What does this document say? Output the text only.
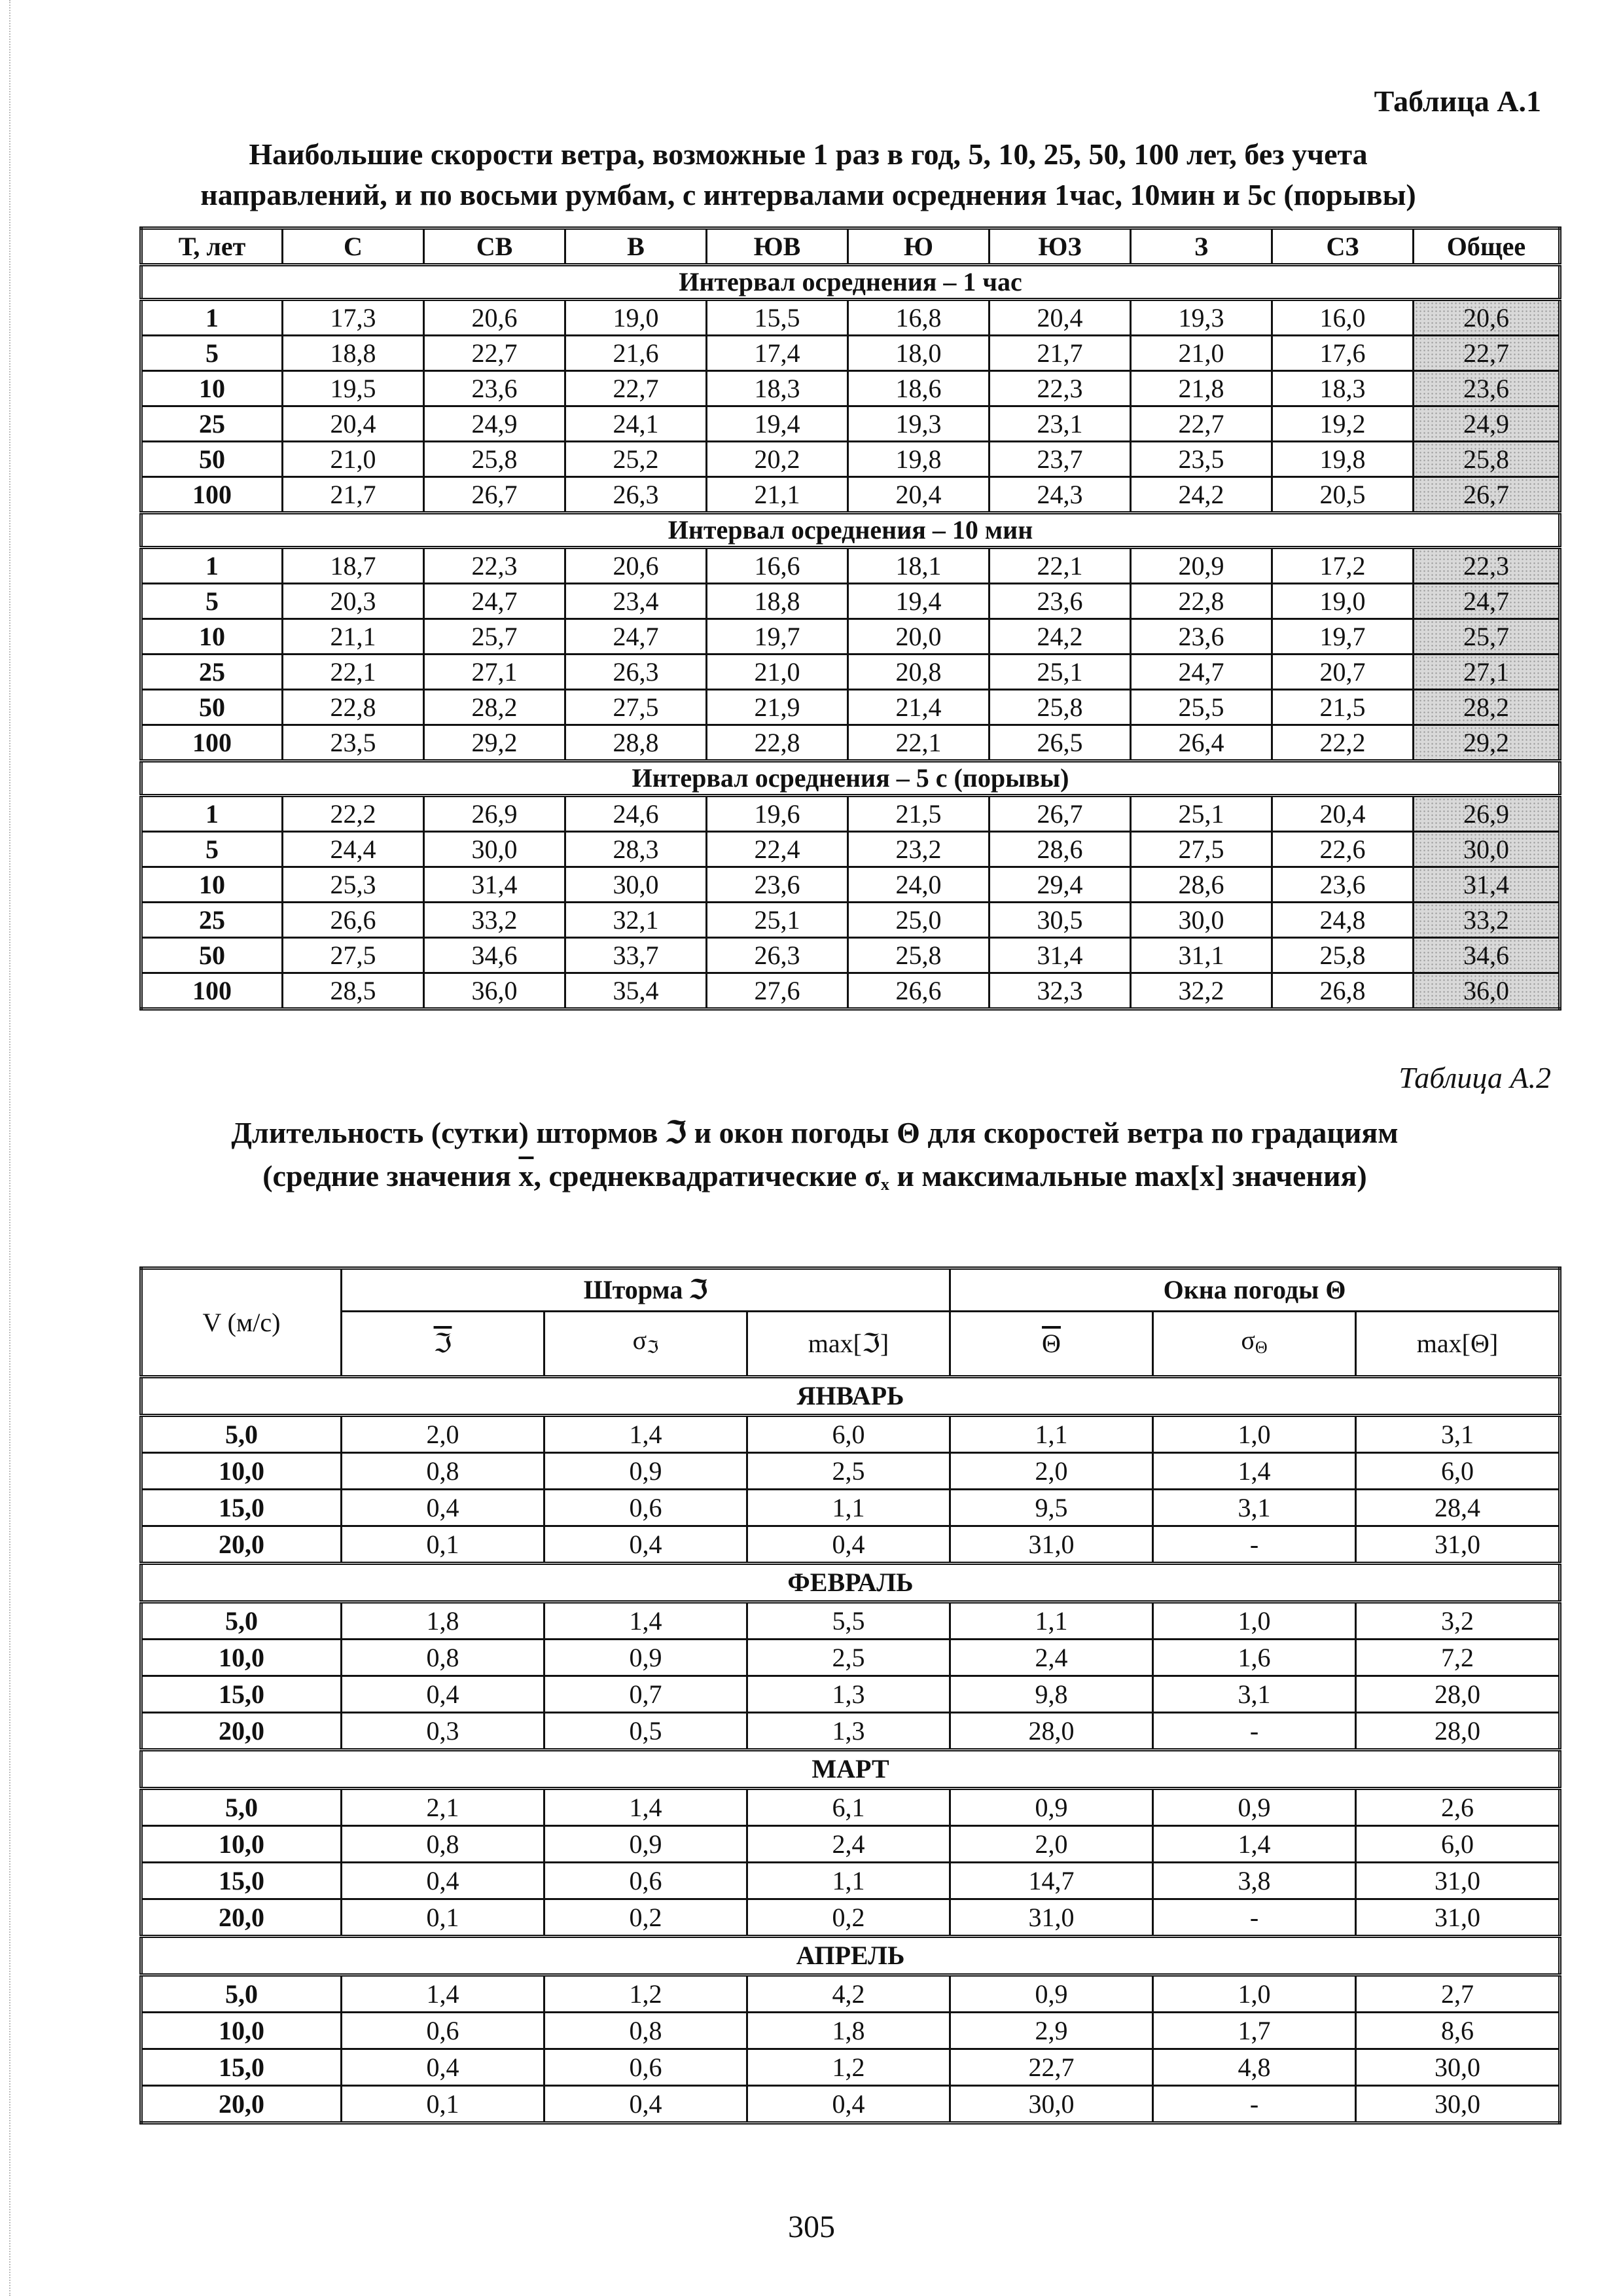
Таблица А.1
Наибольшие скорости ветра, возможные 1 раз в год, 5, 10, 25, 50, 100 лет, без учета
направлений, и по восьми румбам, с интервалами осреднения 1час, 10мин и 5с (порывы)
Т, лет	С	СВ	В	ЮВ	Ю	ЮЗ	З	СЗ	Общее
Интервал осреднения – 1 час									
1	17,3	20,6	19,0	15,5	16,8	20,4	19,3	16,0	20,6
5	18,8	22,7	21,6	17,4	18,0	21,7	21,0	17,6	22,7
10	19,5	23,6	22,7	18,3	18,6	22,3	21,8	18,3	23,6
25	20,4	24,9	24,1	19,4	19,3	23,1	22,7	19,2	24,9
50	21,0	25,8	25,2	20,2	19,8	23,7	23,5	19,8	25,8
100	21,7	26,7	26,3	21,1	20,4	24,3	24,2	20,5	26,7
Интервал осреднения – 10 мин									
1	18,7	22,3	20,6	16,6	18,1	22,1	20,9	17,2	22,3
5	20,3	24,7	23,4	18,8	19,4	23,6	22,8	19,0	24,7
10	21,1	25,7	24,7	19,7	20,0	24,2	23,6	19,7	25,7
25	22,1	27,1	26,3	21,0	20,8	25,1	24,7	20,7	27,1
50	22,8	28,2	27,5	21,9	21,4	25,8	25,5	21,5	28,2
100	23,5	29,2	28,8	22,8	22,1	26,5	26,4	22,2	29,2
Интервал осреднения – 5 с (порывы)									
1	22,2	26,9	24,6	19,6	21,5	26,7	25,1	20,4	26,9
5	24,4	30,0	28,3	22,4	23,2	28,6	27,5	22,6	30,0
10	25,3	31,4	30,0	23,6	24,0	29,4	28,6	23,6	31,4
25	26,6	33,2	32,1	25,1	25,0	30,5	30,0	24,8	33,2
50	27,5	34,6	33,7	26,3	25,8	31,4	31,1	25,8	34,6
100	28,5	36,0	35,4	27,6	26,6	32,3	32,2	26,8	36,0
Таблица А.2
Длительность (сутки) штормов ℑ и окон погоды Θ для скоростей ветра по градациям
(средние значения $\overline{x}$, среднеквадратические σx и максимальные max[x] значения)
V (м/с)	Шторма ℑ			Окна погоды Θ		
	ℑ	σℑ	max[ℑ]	$\overline{\Theta}$	σΘ	max[Θ]
ЯНВАРЬ						
5,0	2,0	1,4	6,0	1,1	1,0	3,1
10,0	0,8	0,9	2,5	2,0	1,4	6,0
15,0	0,4	0,6	1,1	9,5	3,1	28,4
20,0	0,1	0,4	0,4	31,0	-	31,0
ФЕВРАЛЬ						
5,0	1,8	1,4	5,5	1,1	1,0	3,2
10,0	0,8	0,9	2,5	2,4	1,6	7,2
15,0	0,4	0,7	1,3	9,8	3,1	28,0
20,0	0,3	0,5	1,3	28,0	-	28,0
МАРТ						
5,0	2,1	1,4	6,1	0,9	0,9	2,6
10,0	0,8	0,9	2,4	2,0	1,4	6,0
15,0	0,4	0,6	1,1	14,7	3,8	31,0
20,0	0,1	0,2	0,2	31,0	-	31,0
АПРЕЛЬ						
5,0	1,4	1,2	4,2	0,9	1,0	2,7
10,0	0,6	0,8	1,8	2,9	1,7	8,6
15,0	0,4	0,6	1,2	22,7	4,8	30,0
20,0	0,1	0,4	0,4	30,0	-	30,0
305
